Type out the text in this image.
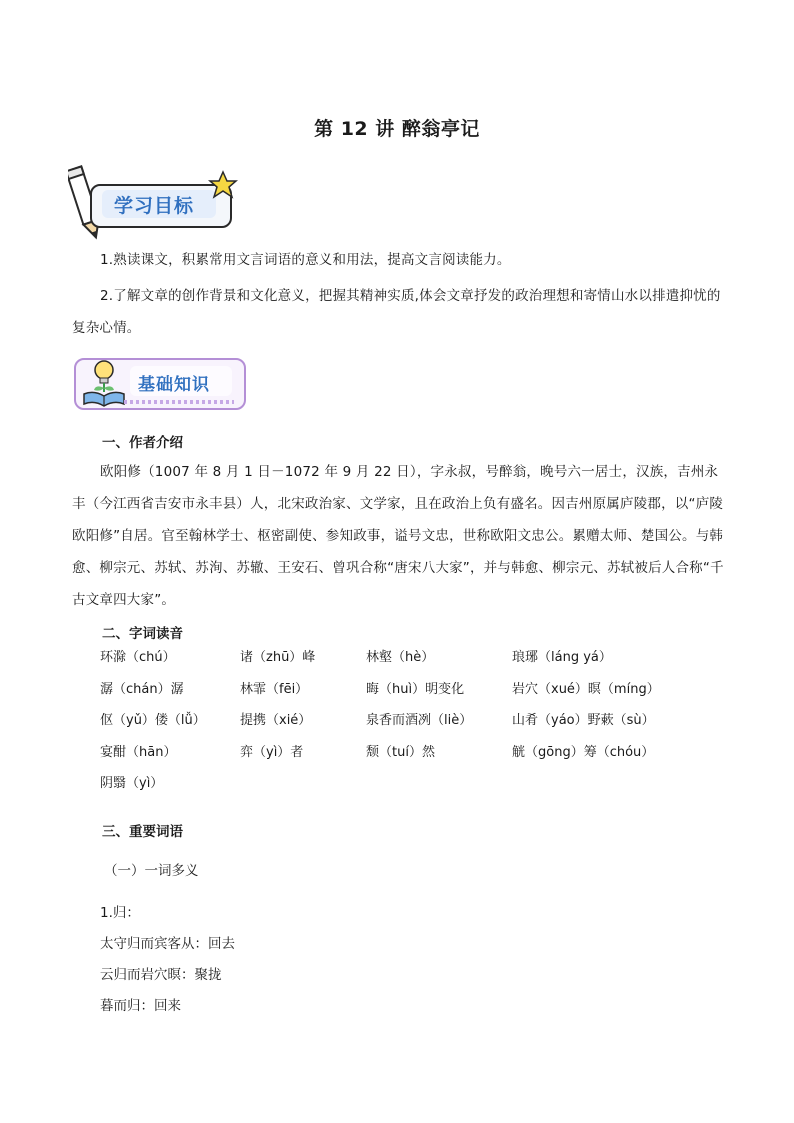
第 12 讲 醉翁亭记
学习目标
1.熟读课文，积累常用文言词语的意义和用法，提高文言阅读能力。
2.了解文章的创作背景和文化意义，把握其精神实质,体会文章抒发的政治理想和寄情山水以排遣抑忧的复杂心情。
基础知识
一、作者介绍
欧阳修（1007 年 8 月 1 日－1072 年 9 月 22 日），字永叔，号醉翁，晚号六一居士，汉族，吉州永丰（今江西省吉安市永丰县）人，北宋政治家、文学家，且在政治上负有盛名。因吉州原属庐陵郡，以“庐陵欧阳修”自居。官至翰林学士、枢密副使、参知政事，谥号文忠，世称欧阳文忠公。累赠太师、楚国公。与韩愈、柳宗元、苏轼、苏洵、苏辙、王安石、曾巩合称“唐宋八大家”，并与韩愈、柳宗元、苏轼被后人合称“千古文章四大家”。
二、字词读音
环滁（chú）	诸（zhū）峰	林壑（hè）	琅琊（láng yá）
潺（chán）潺	林霏（fēi）	晦（huì）明变化	岩穴（xué）暝（míng）
伛（yǔ）偻（lǚ）	提携（xié）	泉香而酒冽（liè）	山肴（yáo）野蔌（sù）
宴酣（hān）	弈（yì）者	颓（tuí）然	觥（gōng）筹（chóu）
阴翳（yì）
三、重要词语
（一）一词多义
1.归：
太守归而宾客从：回去
云归而岩穴暝：聚拢
暮而归：回来
